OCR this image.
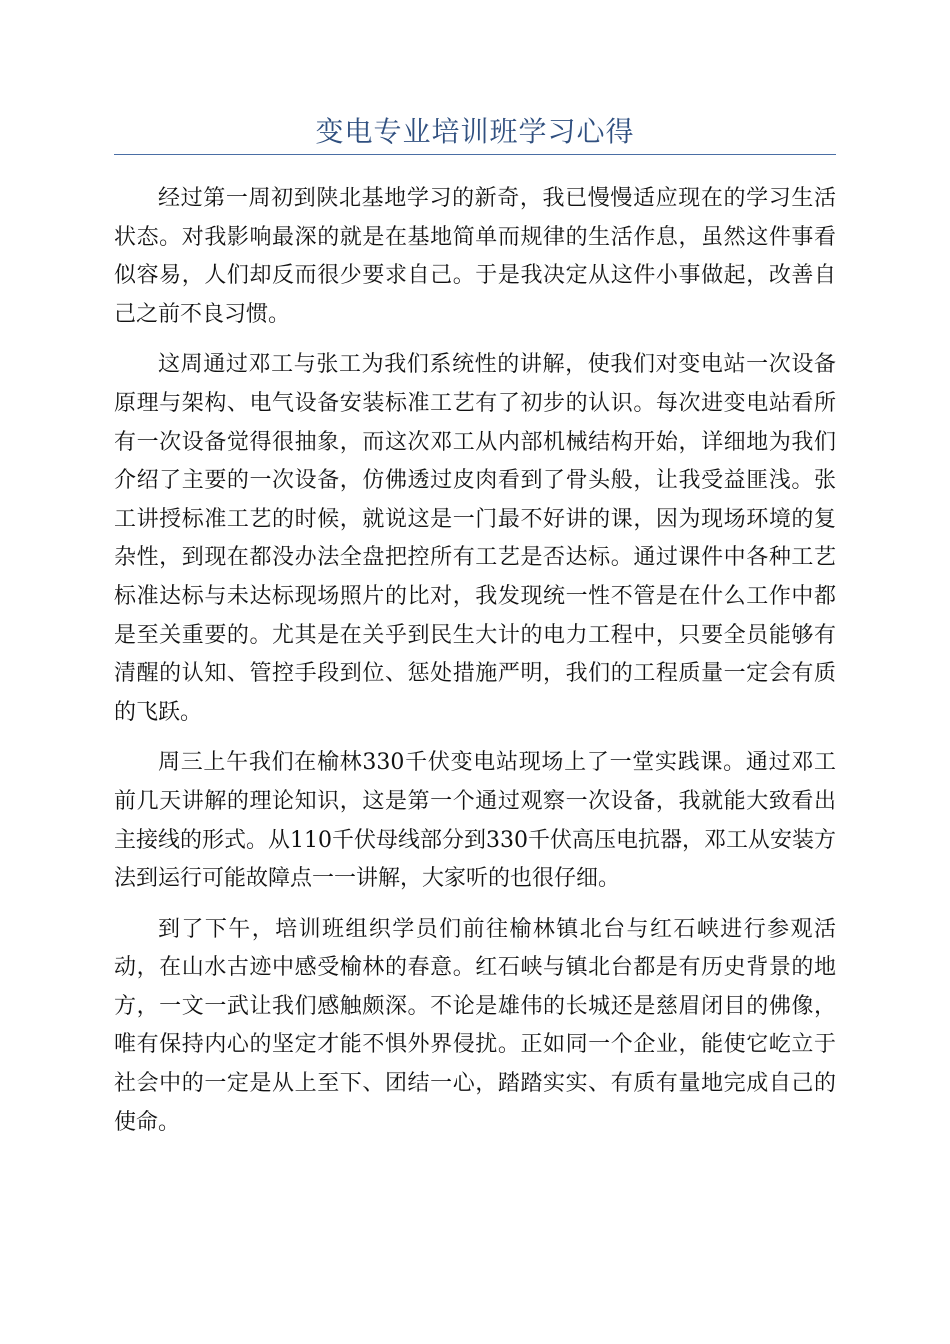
变电专业培训班学习心得

经过第一周初到陕北基地学习的新奇，我已慢慢适应现在的学习生活状态。对我影响最深的就是在基地简单而规律的生活作息，虽然这件事看似容易，人们却反而很少要求自己。于是我决定从这件小事做起，改善自己之前不良习惯。

这周通过邓工与张工为我们系统性的讲解，使我们对变电站一次设备原理与架构、电气设备安装标准工艺有了初步的认识。每次进变电站看所有一次设备觉得很抽象，而这次邓工从内部机械结构开始，详细地为我们介绍了主要的一次设备，仿佛透过皮肉看到了骨头般，让我受益匪浅。张工讲授标准工艺的时候，就说这是一门最不好讲的课，因为现场环境的复杂性，到现在都没办法全盘把控所有工艺是否达标。通过课件中各种工艺标准达标与未达标现场照片的比对，我发现统一性不管是在什么工作中都是至关重要的。尤其是在关乎到民生大计的电力工程中，只要全员能够有清醒的认知、管控手段到位、惩处措施严明，我们的工程质量一定会有质的飞跃。

周三上午我们在榆林330千伏变电站现场上了一堂实践课。通过邓工前几天讲解的理论知识，这是第一个通过观察一次设备，我就能大致看出主接线的形式。从110千伏母线部分到330千伏高压电抗器，邓工从安装方法到运行可能故障点一一讲解，大家听的也很仔细。

到了下午，培训班组织学员们前往榆林镇北台与红石峡进行参观活动，在山水古迹中感受榆林的春意。红石峡与镇北台都是有历史背景的地方，一文一武让我们感触颇深。不论是雄伟的长城还是慈眉闭目的佛像，唯有保持内心的坚定才能不惧外界侵扰。正如同一个企业，能使它屹立于社会中的一定是从上至下、团结一心，踏踏实实、有质有量地完成自己的使命。
